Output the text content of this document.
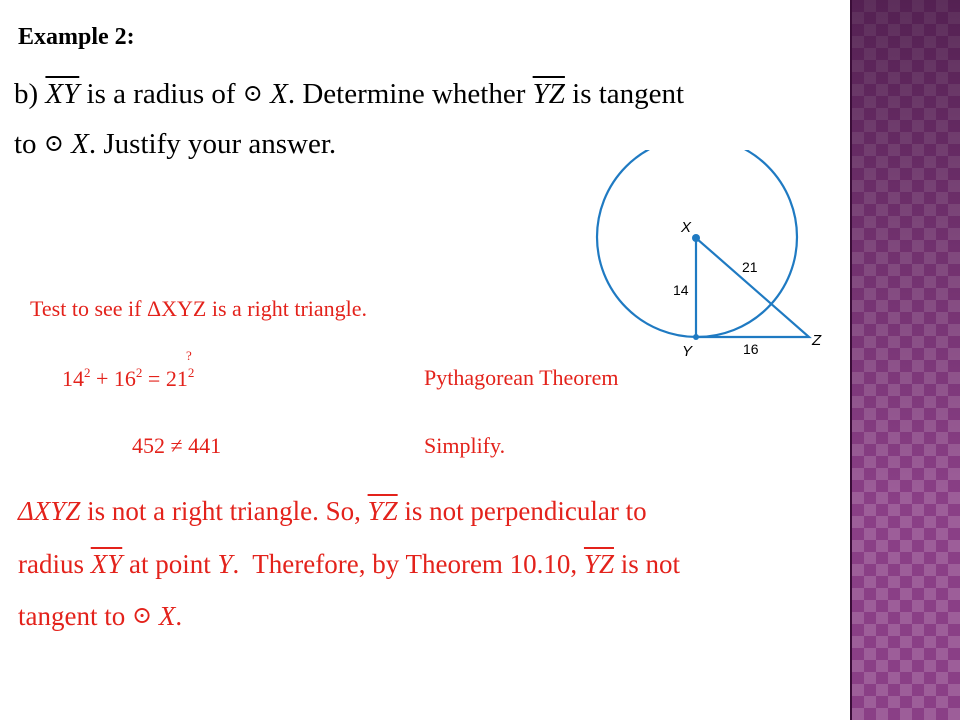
Example 2:
b) $\overline{XY}$ is a radius of ⊙ X. Determine whether $\overline{YZ}$ is tangent
to ⊙ X. Justify your answer.
Test to see if ΔXYZ is a right triangle.
$14^2 + 16^2 = 21^2$
?
Pythagorean Theorem
452 ≠ 441	Simplify.
ΔXYZ is not a right triangle. So, $\overline{YZ}$ is not perpendicular to
radius $\overline{XY}$ at point Y.  Therefore, by Theorem 10.10, $\overline{YZ}$ is not
tangent to ⊙ X.
X
Y
Z
14
21
16
